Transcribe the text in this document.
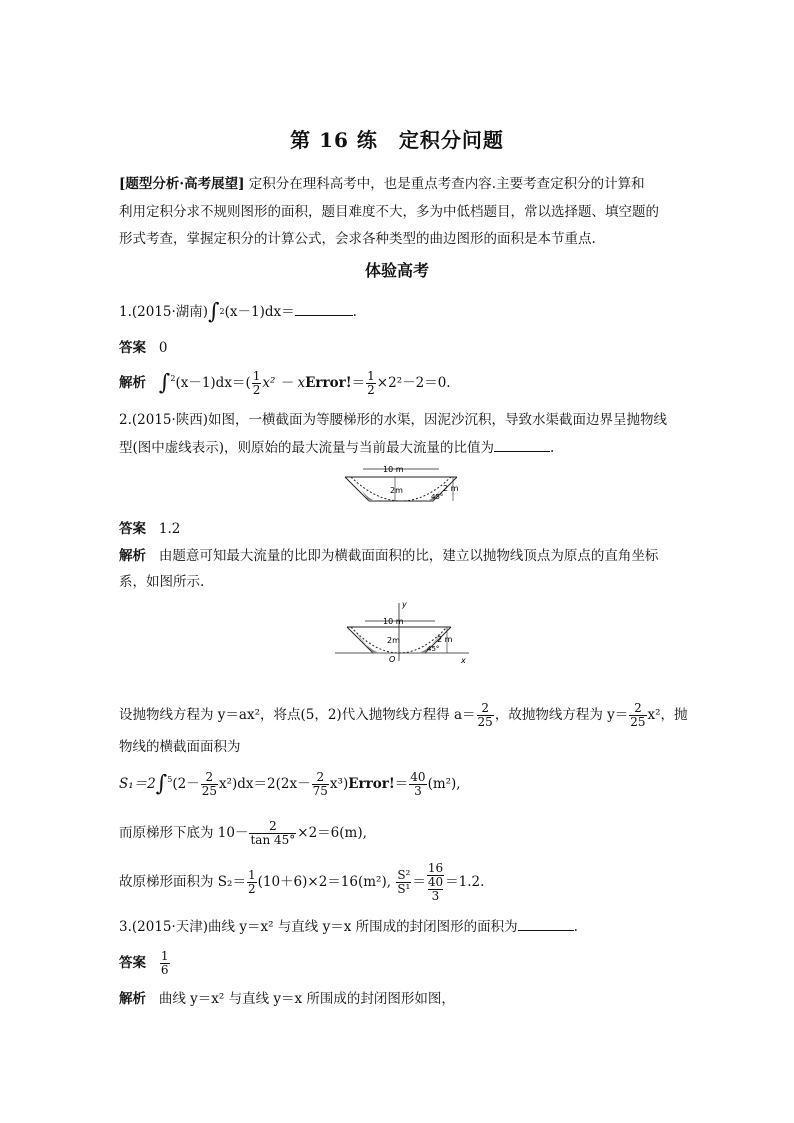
第 16 练　定积分问题
[题型分析·高考展望] 定积分在理科高考中，也是重点考查内容.主要考查定积分的计算和
利用定积分求不规则图形的面积，题目难度不大，多为中低档题目，常以选择题、填空题的
形式考查，掌握定积分的计算公式，会求各种类型的曲边图形的面积是本节重点.
体验高考
1.(2015·湖南)∫$^2$(x－1)dx＝	.
答案 0
解析 $\int^2(x-1)dx=( \frac{1}{2} x^2$ － xError!＝ $\frac{1}{2} \times 2^2-2=0$.
2.(2015·陕西)如图，一横截面为等腰梯形的水渠，因泥沙沉积，导致水渠截面边界呈抛物线
型(图中虚线表示)，则原始的最大流量与当前最大流量的比值为	.
10 m
2m	2 m
45°
答案 1.2
解析 由题意可知最大流量的比即为横截面面积的比，建立以抛物线顶点为原点的直角坐标
系，如图所示.
y
x
O
10 m
2m	2 m
45°
设抛物线方程为 y＝ax²，将点(5，2)代入抛物线方程得 $a= \frac{2}{25}$ ，故抛物线方程为 $y= \frac{2}{25} x^2$，抛
物线的横截面面积为
$S_1=2\int^5(2- \frac{2}{25} x^2)dx=2(2x- \frac{2}{75}$ x³)Error!＝ $\frac{40}{3} (m^2)$,
而原梯形下底为 $10- \frac{2}{\tan 45^\circ} \times 2=6(m)$,
故原梯形面积为 $S_2= \frac{1}{2} (10+6)\times 2=16(m^2)$, $\frac{\text{S²}}{\text{S¹}} = 16$
40
3 ＝1.2.
3.(2015·天津)曲线 y＝x² 与直线 y＝x 所围成的封闭图形的面积为	.
答案 $\frac{1}{6}$
解析 曲线 y＝x² 与直线 y＝x 所围成的封闭图形如图，
